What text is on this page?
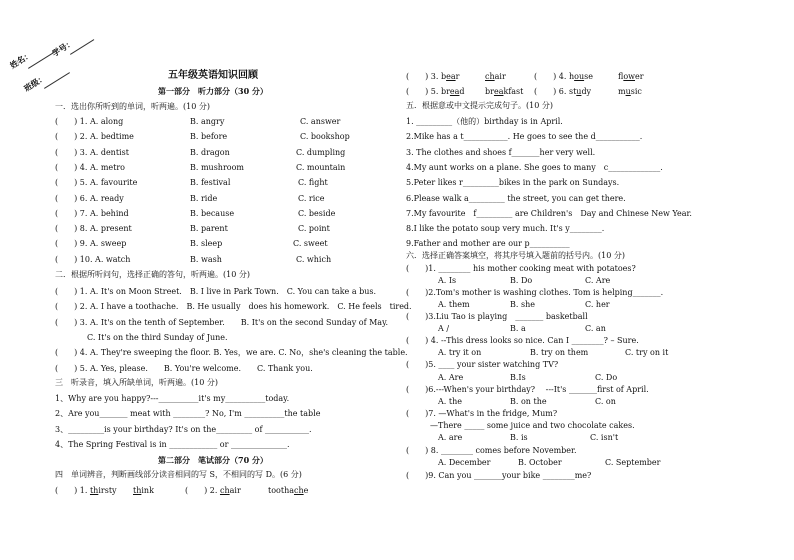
姓名：
班级：
学号：
五年级英语知识回顾
第一部分　听力部分（30 分）
一．选出你所听到的单词，听两遍。(10 分)
(　　) 1. A. along	B. angry	C. answer
(　　) 2. A. bedtime	B. before	C. bookshop
(　　) 3. A. dentist	B. dragon	C. dumpling
(　　) 4. A. metro	B. mushroom	C. mountain
(　　) 5. A. favourite	B. festival	C. fight
(　　) 6. A. ready	B. ride	C. rice
(　　) 7. A. behind	B. because	C. beside
(　　) 8. A. present	B. parent	C. point
(　　) 9. A. sweep	B. sleep	C. sweet
(　　) 10. A. watch	B. wash	C. which
二．根据所听问句，选择正确的答句，听两遍。(10 分)
(　　) 1. A. It's on Moon Street.　B. I live in Park Town.　C. You can take a bus.
(　　) 2. A. I have a toothache.　B. He usually　does his homework.　C. He feels　tired.
(　　) 3. A. It's on the tenth of September.　　B. It's on the second Sunday of May.
　　　　C. It's on the third Sunday of June.
(　　) 4. A. They're sweeping the floor. B. Yes，we are. C. No，she's cleaning the table.
(　　) 5. A. Yes, please.　　B. You're welcome.　　C. Thank you.
三　听录音，填入所缺单词，听两遍。(10 分)
1、Why are you happy?---__________it's my__________today.
2、Are you_______ meat with ________? No, I'm __________the table
3、_________is your birthday? It's on the_________ of ___________.
4、The Spring Festival is in ____________ or ______________.
第二部分　笔试部分（70 分）
四　单词辨音，判断画线部分读音相同的写 S，不相同的写 D。(6 分)
(　　) 1. thirsty think	(　　) 2. chair	toothache
(　　) 3. bear	chair	(　　) 4. house	flower
(　　) 5. bread	breakfast (　　) 6. study	music
五．根据意或中文提示完成句子。(10 分)
1. _________（他的）birthday is in April.
2.Mike has a t___________. He goes to see the d___________.
3. The clothes and shoes f_______her very well.
4.My aunt works on a plane. She goes to many　c_____________.
5.Peter likes r_________bikes in the park on Sundays.
6.Please walk a_________ the street, you can get there.
7.My favourite　f_________ are Children's　Day and Chinese New Year.
8.I like the potato soup very much. It's y________.
9.Father and mother are our p__________
六．选择正确答案填空，将其序号填入题前的括号内。(10 分)
(　　)1. ________ his mother cooking meat with potatoes?
A. Is	B. Do	C. Are
(　　)2.Tom's mother is washing clothes. Tom is helping_______.
A. them	B. she	C. her
(　　)3.Liu Tao is playing　_______ basketball
A /	B. a	C. an
(　　) 4. --This dress looks so nice. Can I ________? – Sure.
A. try it on	B. try on them	C. try on it
(　　)5. ____ your sister watching TV?
A. Are	B.Is	C. Do
(　　)6.---When's your birthday?　 ---It's _______first of April.
A. the	B. on the	C. on
(　　)7. —What's in the fridge, Mum?
　　　—There _____ some juice and two chocolate cakes.
A. are	B. is	C. isn't
(　　) 8. ________ comes before November.
A. December	B. October	C. September
(　　)9. Can you _______your bike ________me?
